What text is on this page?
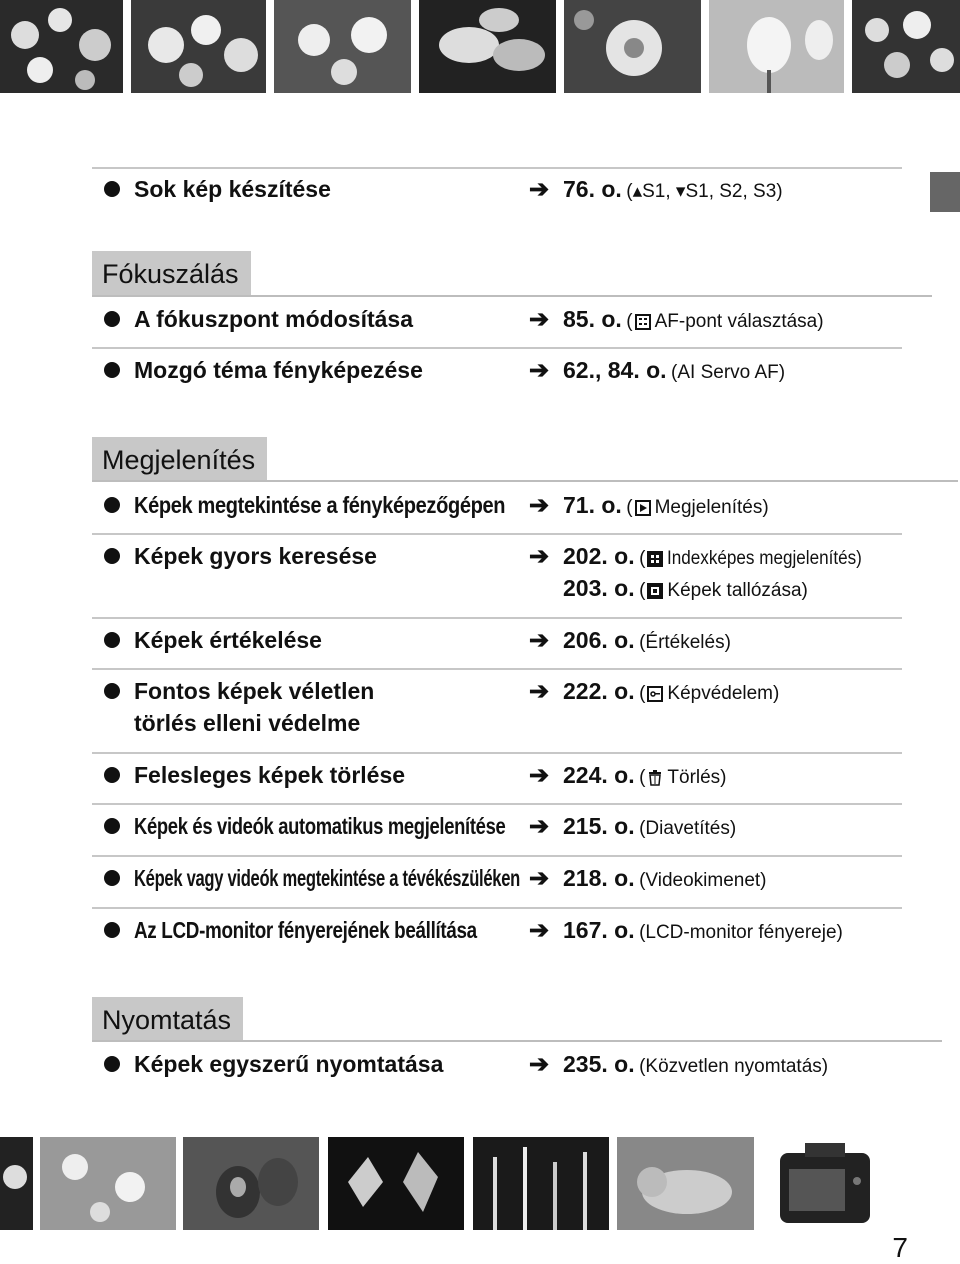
Sok kép készítése	➔ 76. o. (▴S1, ▾S1, S2, S3)
Fókuszálás
A fókuszpont módosítása	➔ 85. o. ( AF-pont választása)
Mozgó téma fényképezése	➔ 62., 84. o. (AI Servo AF)
Megjelenítés
Képek megtekintése a fényképezőgépen ➔ 71. o. ( Megjelenítés)
Képek gyors keresése	➔ 202. o. ( Indexképes megjelenítés)
203. o. ( Képek tallózása)
Képek értékelése	➔ 206. o. (Értékelés)
Fontos képek véletlen
törlés elleni védelme
➔ 222. o. ( Képvédelem)
Felesleges képek törlése	➔ 224. o. ( Törlés)
Képek és videók automatikus megjelenítése ➔ 215. o. (Diavetítés)
Képek vagy videók megtekintése a tévékészüléken ➔ 218. o. (Videokimenet)
Az LCD-monitor fényerejének beállítása ➔ 167. o. (LCD-monitor fényereje)
Nyomtatás
Képek egyszerű nyomtatása	➔ 235. o. (Közvetlen nyomtatás)
7
